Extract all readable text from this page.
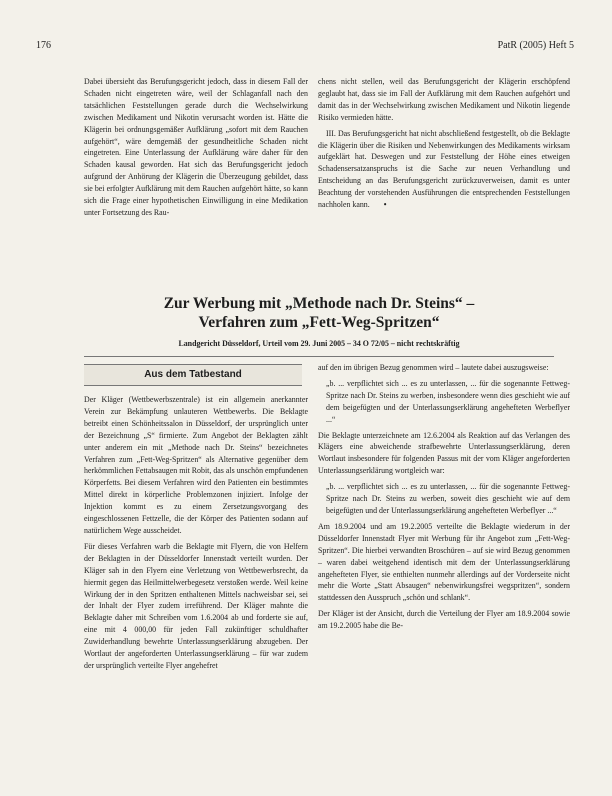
176	PatR (2005) Heft 5

Dabei übersieht das Berufungsgericht jedoch, dass in diesem Fall der Schaden nicht eingetreten wäre, weil der Schlaganfall nach den tatsächlichen Feststellungen gerade durch die Wechselwirkung zwischen Medikament und Nikotin verursacht worden ist. Hätte die Klägerin bei ordnungsgemäßer Aufklärung „sofort mit dem Rauchen aufgehört“, wäre demgemäß der gesundheitliche Schaden nicht eingetreten. Eine Unterlassung der Aufklärung wäre daher für den Schaden kausal geworden. Hat sich das Berufungsgericht jedoch aufgrund der Anhörung der Klägerin die Überzeugung gebildet, dass sie bei erfolgter Aufklärung mit dem Rauchen aufgehört hätte, so kann sich die Frage einer hypothetischen Einwilligung in eine Medikation unter Fortsetzung des Rau-

chens nicht stellen, weil das Berufungsgericht der Klägerin erschöpfend geglaubt hat, dass sie im Fall der Aufklärung mit dem Rauchen aufgehört und damit das in der Wechselwirkung zwischen Medikament und Nikotin liegende Risiko vermieden hätte.

III. Das Berufungsgericht hat nicht abschließend festgestellt, ob die Beklagte die Klägerin über die Risiken und Nebenwirkungen des Medikaments wirksam aufgeklärt hat. Deswegen und zur Feststellung der Höhe eines etweigen Schadensersatzanspruchs ist die Sache zur neuen Verhandlung und Entscheidung an das Berufungsgericht zurückzuverweisen, damit es unter Beachtung der vorstehenden Ausführungen die entsprechenden Feststellungen nachholen kann. •

Zur Werbung mit „Methode nach Dr. Steins“ –
Verfahren zum „Fett-Weg-Spritzen“
Landgericht Düsseldorf, Urteil vom 29. Juni 2005 – 34 O 72/05 – nicht rechtskräftig
Aus dem Tatbestand

Der Kläger (Wettbewerbszentrale) ist ein allgemein anerkannter Verein zur Bekämpfung unlauteren Wettbewerbs. Die Beklagte betreibt einen Schönheitssalon in Düsseldorf, der ursprünglich unter der Bezeichnung „S“ firmierte. Zum Angebot der Beklagten zählt unter anderem ein mit „Methode nach Dr. Steins“ bezeichnetes Verfahren zum „Fett-Weg-Spritzen“ als Alternative gegenüber dem herkömmlichen Fettabsaugen mit Robit, das als unschön empfundenen Körperfetts. Bei diesem Verfahren wird den Patienten ein bestimmtes Mittel direkt in körperliche Problemzonen injiziert. Infolge der Injektion kommt es zu einem Zersetzungsvorgang des eingeschlossenen Fettzelle, die der Körper des Patienten sodann auf natürlichem Wege ausscheidet.

Für dieses Verfahren warb die Beklagte mit Flyern, die von Helfern der Beklagten in der Düsseldorfer Innenstadt verteilt wurden. Der Kläger sah in den Flyern eine Verletzung von Wettbewerbsrecht, da hiermit gegen das Heilmittelwerbegesetz verstoßen werde. Weil keine Wirkung der in den Spritzen enthaltenen Mittels nachweisbar sei, sei der Inhalt der Flyer zudem irreführend. Der Kläger mahnte die Beklagte daher mit Schreiben vom 1.6.2004 ab und forderte sie auf, eine mit 4 000,00 für jeden Fall zukünftiger schuldhafter Zuwiderhandlung bewehrte Unterlassungserklärung abzugeben. Der Wortlaut der angeforderten Unterlassungserklärung – für war zudem der ursprünglich verteilte Flyer angehefret

auf den im übrigen Bezug genommen wird – lautete dabei auszugsweise:

„b. ... verpflichtet sich ... es zu unterlassen, ... für die sogenannte Fettweg-Spritze nach Dr. Steins zu werben, insbesondere wenn dies geschieht wie auf dem beigefügten und der Unterlassungserklärung angehefteten Werbeflyer ...“

Die Beklagte unterzeichnete am 12.6.2004 als Reaktion auf das Verlangen des Klägers eine abweichende strafbewehrte Unterlassungserklärung, deren Wortlaut insbesondere für folgenden Passus mit der vom Kläger angeforderten Unterlassungserklärung wortgleich war:

„b. ... verpflichtet sich ... es zu unterlassen, ... für die sogenannte Fettweg-Spritze nach Dr. Steins zu werben, soweit dies geschieht wie auf dem beigefügten und der Unterlassungserklärung angehefteten Werbeflyer ...“

Am 18.9.2004 und am 19.2.2005 verteilte die Beklagte wiederum in der Düsseldorfer Innenstadt Flyer mit Werbung für ihr Angebot zum „Fett-Weg-Spritzen“. Die hierbei verwandten Broschüren – auf sie wird Bezug genommen – waren dabei weitgehend identisch mit dem der Unterlassungserklärung angehefteten Flyer, sie enthielten nunmehr allerdings auf der Vorderseite nicht mehr die Worte „Statt Absaugen“ nebenwirkungsfrei wegspritzen“, sondern stattdessen den Ausspruch „schön und schlank“.

Der Kläger ist der Ansicht, durch die Verteilung der Flyer am 18.9.2004 sowie am 19.2.2005 habe die Be-
